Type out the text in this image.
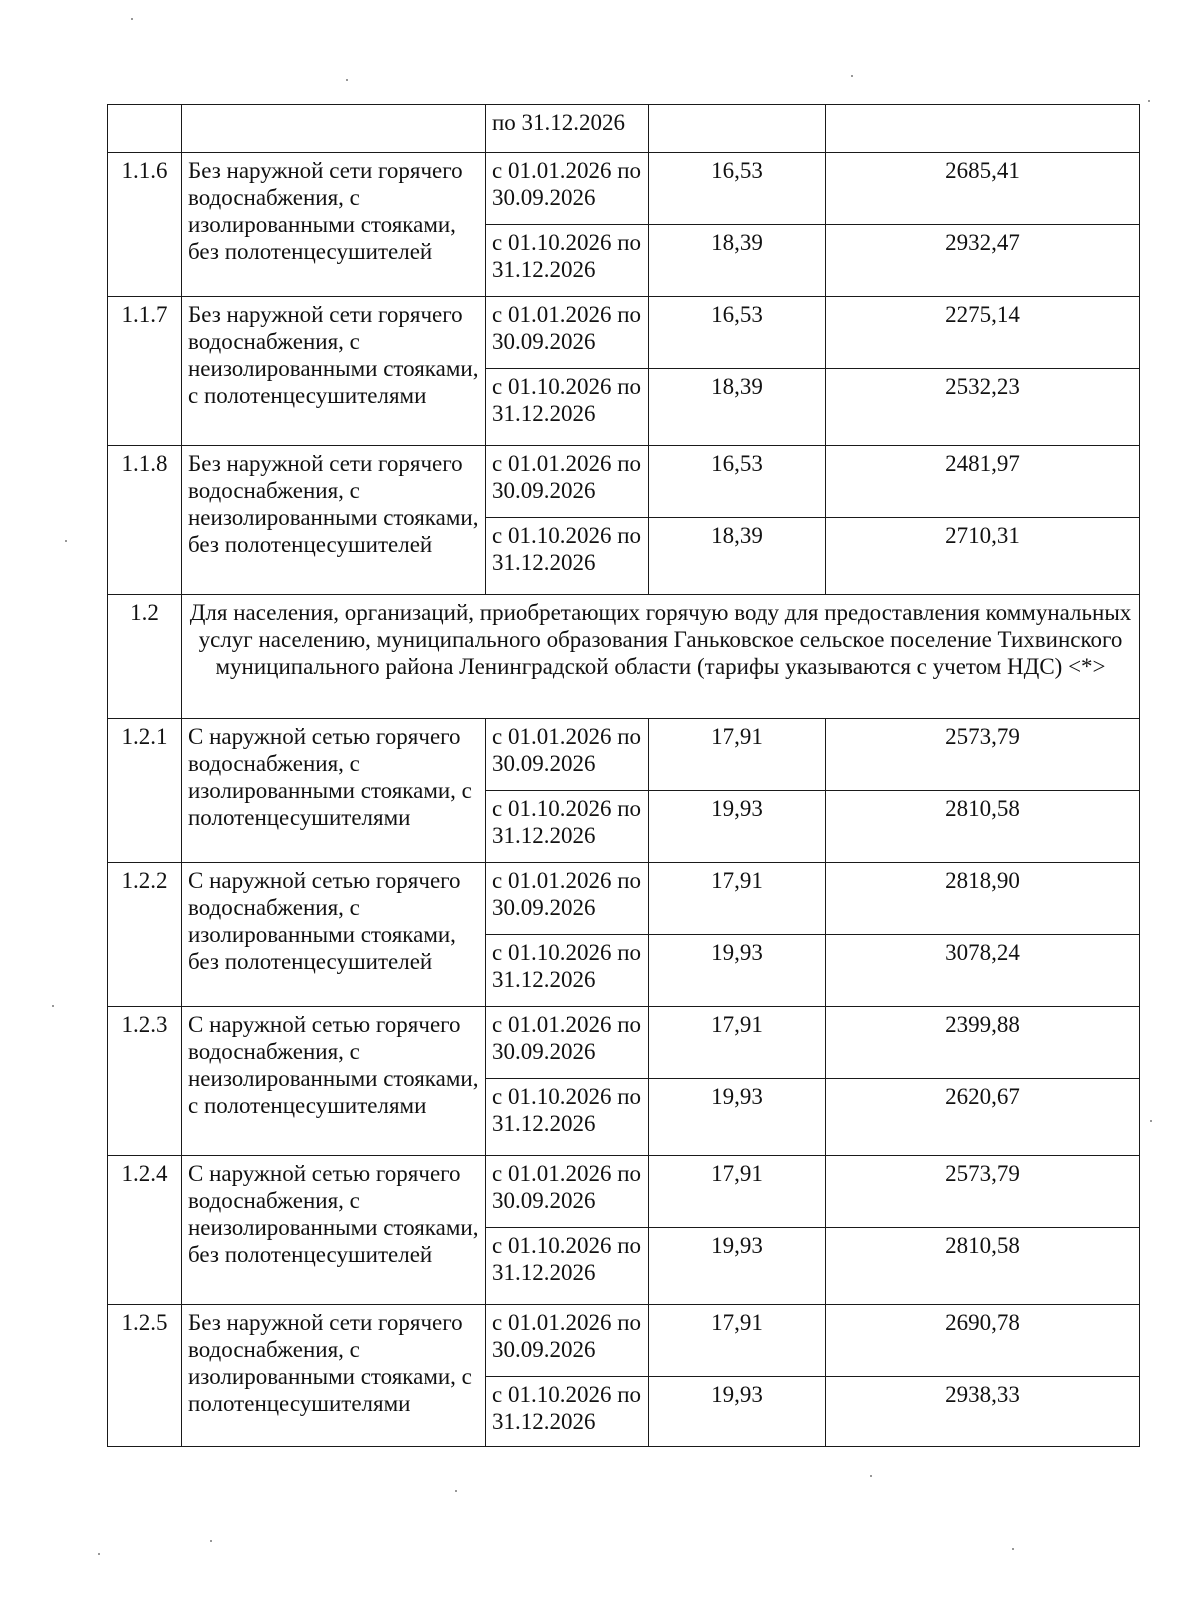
		по 31.12.2026		
1.1.6	Без наружной сети горячего водоснабжения, с изолированными стояками, без полотенцесушителей	с 01.01.2026 по 30.09.2026	16,53	2685,41
		с 01.10.2026 по 31.12.2026	18,39	2932,47
1.1.7	Без наружной сети горячего водоснабжения, с неизолированными стояками, с полотенцесушителями	с 01.01.2026 по 30.09.2026	16,53	2275,14
		с 01.10.2026 по 31.12.2026	18,39	2532,23
1.1.8	Без наружной сети горячего водоснабжения, с неизолированными стояками, без полотенцесушителей	с 01.01.2026 по 30.09.2026	16,53	2481,97
		с 01.10.2026 по 31.12.2026	18,39	2710,31
1.2	Для населения, организаций, приобретающих горячую воду для предоставления коммунальных услуг населению, муниципального образования Ганьковское сельское поселение Тихвинского муниципального района Ленинградской области (тарифы указываются с учетом НДС) <*>			
1.2.1	С наружной сетью горячего водоснабжения, с изолированными стояками, с полотенцесушителями	с 01.01.2026 по 30.09.2026	17,91	2573,79
		с 01.10.2026 по 31.12.2026	19,93	2810,58
1.2.2	С наружной сетью горячего водоснабжения, с изолированными стояками, без полотенцесушителей	с 01.01.2026 по 30.09.2026	17,91	2818,90
		с 01.10.2026 по 31.12.2026	19,93	3078,24
1.2.3	С наружной сетью горячего водоснабжения, с неизолированными стояками, с полотенцесушителями	с 01.01.2026 по 30.09.2026	17,91	2399,88
		с 01.10.2026 по 31.12.2026	19,93	2620,67
1.2.4	С наружной сетью горячего водоснабжения, с неизолированными стояками, без полотенцесушителей	с 01.01.2026 по 30.09.2026	17,91	2573,79
		с 01.10.2026 по 31.12.2026	19,93	2810,58
1.2.5	Без наружной сети горячего водоснабжения, с изолированными стояками, с полотенцесушителями	с 01.01.2026 по 30.09.2026	17,91	2690,78
		с 01.10.2026 по 31.12.2026	19,93	2938,33
